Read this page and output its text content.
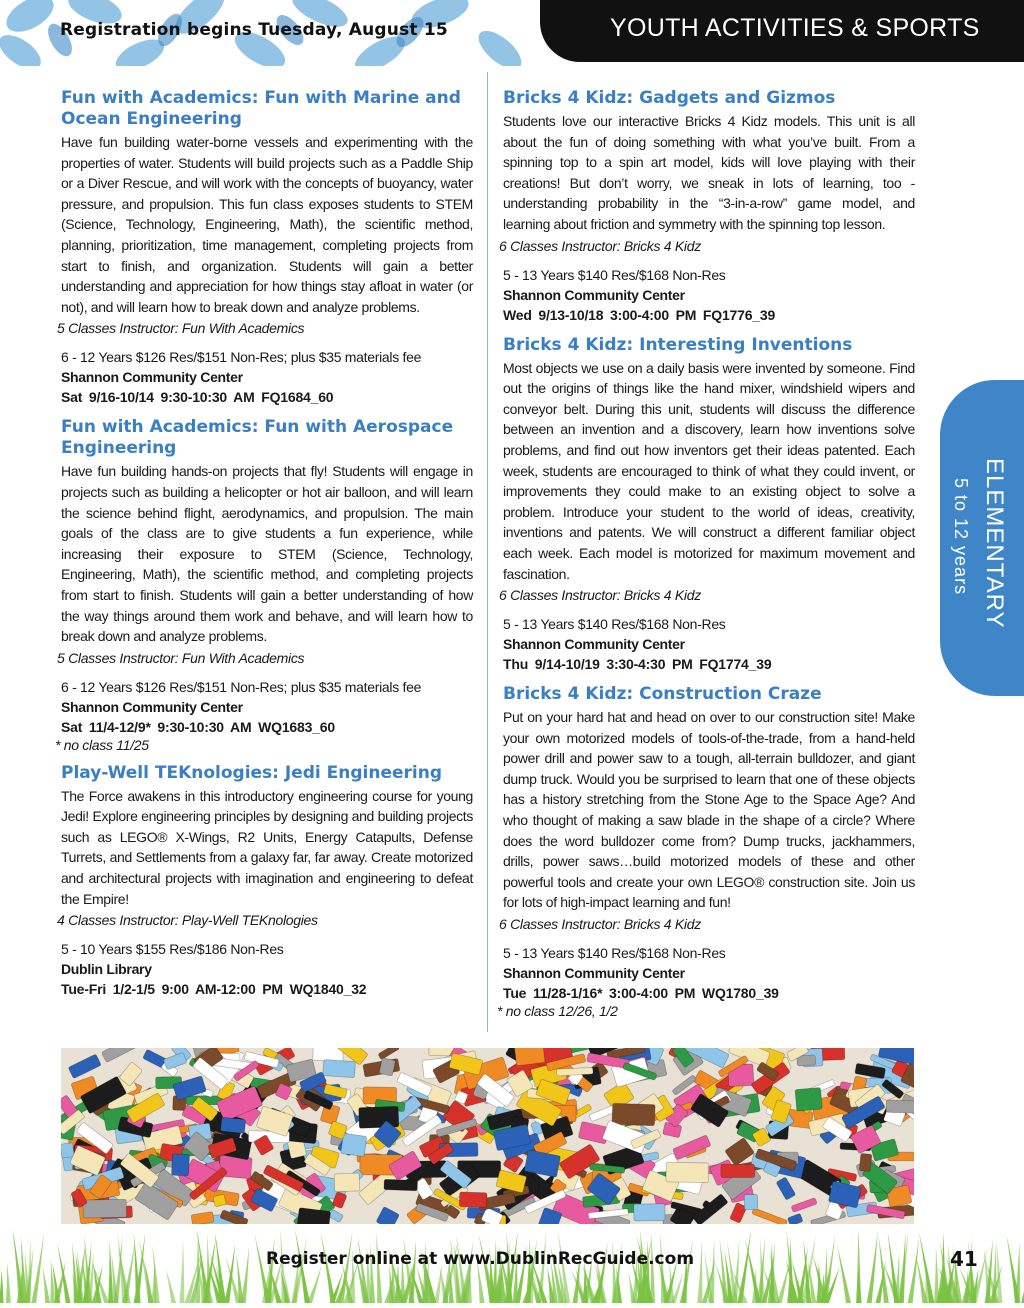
Registration begins Tuesday, August 15	YOUTH ACTIVITIES & SPORTS
Fun with Academics: Fun with Marine and Ocean Engineering

Have fun building water-borne vessels and experimenting with the properties of water. Students will build projects such as a Paddle Ship or a Diver Rescue, and will work with the concepts of buoyancy, water pressure, and propulsion. This fun class exposes students to STEM (Science, Technology, Engineering, Math), the scientific method, planning, prioritization, time management, completing projects from start to finish, and organization. Students will gain a better understanding and appreciation for how things stay afloat in water (or not), and will learn how to break down and analyze problems.

5 Classes Instructor: Fun With Academics

6 - 12 Years $126 Res/$151 Non-Res; plus $35 materials fee

Shannon Community Center

Sat 9/16-10/14 9:30-10:30 AM FQ1684_60

Fun with Academics: Fun with Aerospace Engineering

Have fun building hands-on projects that fly! Students will engage in projects such as building a helicopter or hot air balloon, and will learn the science behind flight, aerodynamics, and propulsion. The main goals of the class are to give students a fun experience, while increasing their exposure to STEM (Science, Technology, Engineering, Math), the scientific method, and completing projects from start to finish. Students will gain a better understanding of how the way things around them work and behave, and will learn how to break down and analyze problems.

5 Classes Instructor: Fun With Academics

6 - 12 Years $126 Res/$151 Non-Res; plus $35 materials fee

Shannon Community Center

Sat 11/4-12/9* 9:30-10:30 AM WQ1683_60

* no class 11/25

Play-Well TEKnologies: Jedi Engineering

The Force awakens in this introductory engineering course for young Jedi! Explore engineering principles by designing and building projects such as LEGO® X-Wings, R2 Units, Energy Catapults, Defense Turrets, and Settlements from a galaxy far, far away. Create motorized and architectural projects with imagination and engineering to defeat the Empire!

4 Classes Instructor: Play-Well TEKnologies

5 - 10 Years $155 Res/$186 Non-Res

Dublin Library

Tue-Fri 1/2-1/5 9:00 AM-12:00 PM WQ1840_32

Bricks 4 Kidz: Gadgets and Gizmos

Students love our interactive Bricks 4 Kidz models. This unit is all about the fun of doing something with what you’ve built. From a spinning top to a spin art model, kids will love playing with their creations! But don’t worry, we sneak in lots of learning, too - understanding probability in the “3-in-a-row” game model, and learning about friction and symmetry with the spinning top lesson.

6 Classes Instructor: Bricks 4 Kidz

5 - 13 Years $140 Res/$168 Non-Res

Shannon Community Center

Wed 9/13-10/18 3:00-4:00 PM FQ1776_39

Bricks 4 Kidz: Interesting Inventions

Most objects we use on a daily basis were invented by someone. Find out the origins of things like the hand mixer, windshield wipers and conveyor belt. During this unit, students will discuss the difference between an invention and a discovery, learn how inventions solve problems, and find out how inventors get their ideas patented. Each week, students are encouraged to think of what they could invent, or improvements they could make to an existing object to solve a problem. Introduce your student to the world of ideas, creativity, inventions and patents. We will construct a different familiar object each week. Each model is motorized for maximum movement and fascination.

6 Classes Instructor: Bricks 4 Kidz

5 - 13 Years $140 Res/$168 Non-Res

Shannon Community Center

Thu 9/14-10/19 3:30-4:30 PM FQ1774_39

Bricks 4 Kidz: Construction Craze

Put on your hard hat and head on over to our construction site! Make your own motorized models of tools-of-the-trade, from a hand-held power drill and power saw to a tough, all-terrain bulldozer, and giant dump truck. Would you be surprised to learn that one of these objects has a history stretching from the Stone Age to the Space Age? And who thought of making a saw blade in the shape of a circle? Where does the word bulldozer come from? Dump trucks, jackhammers, drills, power saws…build motorized models of these and other powerful tools and create your own LEGO® construction site. Join us for lots of high-impact learning and fun!

6 Classes Instructor: Bricks 4 Kidz

5 - 13 Years $140 Res/$168 Non-Res

Shannon Community Center

Tue 11/28-1/16* 3:00-4:00 PM WQ1780_39

* no class 12/26, 1/2

ELEMENTARY
5 to 12 years
Register online at www.DublinRecGuide.com	41
